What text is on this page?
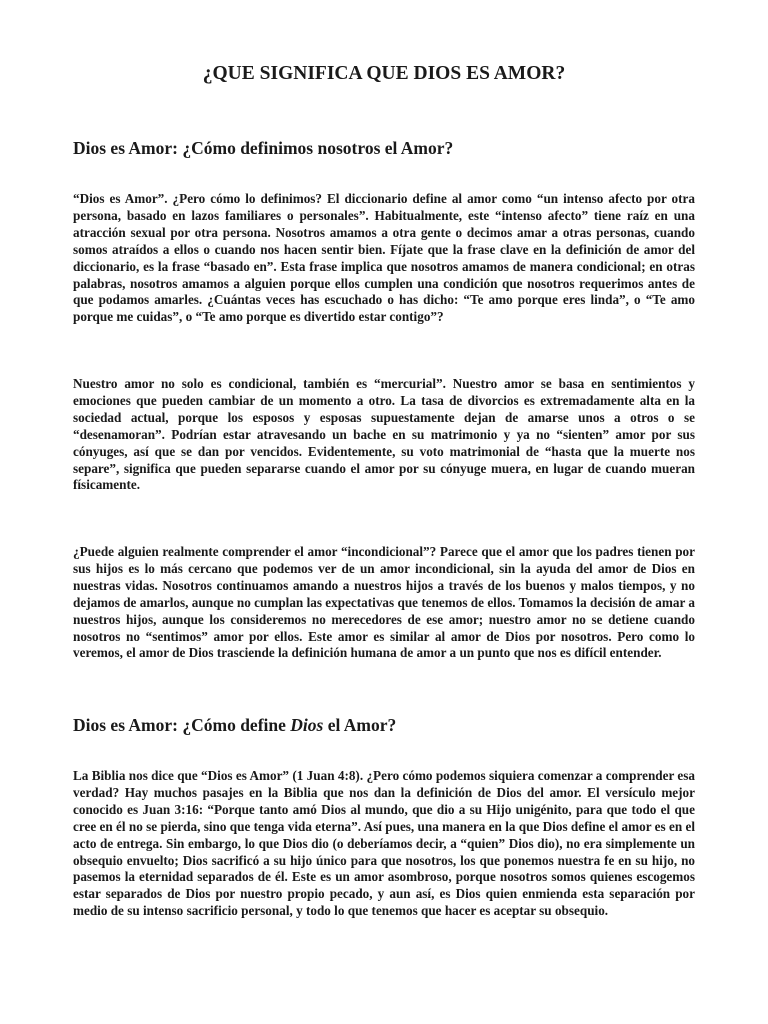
¿QUE SIGNIFICA QUE DIOS ES AMOR?
Dios es Amor: ¿Cómo definimos nosotros el Amor?

“Dios es Amor”. ¿Pero cómo lo definimos? El diccionario define al amor como “un intenso afecto por otra persona, basado en lazos familiares o personales”. Habitualmente, este “intenso afecto” tiene raíz en una atracción sexual por otra persona. Nosotros amamos a otra gente o decimos amar a otras personas, cuando somos atraídos a ellos o cuando nos hacen sentir bien. Fíjate que la frase clave en la definición de amor del diccionario, es la frase “basado en”. Esta frase implica que nosotros amamos de manera condicional; en otras palabras, nosotros amamos a alguien porque ellos cumplen una condición que nosotros requerimos antes de que podamos amarles. ¿Cuántas veces has escuchado o has dicho: “Te amo porque eres linda”, o “Te amo porque me cuidas”, o “Te amo porque es divertido estar contigo”?

Nuestro amor no solo es condicional, también es “mercurial”. Nuestro amor se basa en sentimientos y emociones que pueden cambiar de un momento a otro. La tasa de divorcios es extremadamente alta en la sociedad actual, porque los esposos y esposas supuestamente dejan de amarse unos a otros o se “desenamoran”. Podrían estar atravesando un bache en su matrimonio y ya no “sienten” amor por sus cónyuges, así que se dan por vencidos. Evidentemente, su voto matrimonial de “hasta que la muerte nos separe”, significa que pueden separarse cuando el amor por su cónyuge muera, en lugar de cuando mueran físicamente.

¿Puede alguien realmente comprender el amor “incondicional”? Parece que el amor que los padres tienen por sus hijos es lo más cercano que podemos ver de un amor incondicional, sin la ayuda del amor de Dios en nuestras vidas. Nosotros continuamos amando a nuestros hijos a través de los buenos y malos tiempos, y no dejamos de amarlos, aunque no cumplan las expectativas que tenemos de ellos. Tomamos la decisión de amar a nuestros hijos, aunque los consideremos no merecedores de ese amor; nuestro amor no se detiene cuando nosotros no “sentimos” amor por ellos. Este amor es similar al amor de Dios por nosotros. Pero como lo veremos, el amor de Dios trasciende la definición humana de amor a un punto que nos es difícil entender.

Dios es Amor: ¿Cómo define Dios el Amor?

La Biblia nos dice que “Dios es Amor” (1 Juan 4:8). ¿Pero cómo podemos siquiera comenzar a comprender esa verdad? Hay muchos pasajes en la Biblia que nos dan la definición de Dios del amor. El versículo mejor conocido es Juan 3:16: “Porque tanto amó Dios al mundo, que dio a su Hijo unigénito, para que todo el que cree en él no se pierda, sino que tenga vida eterna”. Así pues, una manera en la que Dios define el amor es en el acto de entrega. Sin embargo, lo que Dios dio (o deberíamos decir, a “quien” Dios dio), no era simplemente un obsequio envuelto; Dios sacrificó a su hijo único para que nosotros, los que ponemos nuestra fe en su hijo, no pasemos la eternidad separados de él. Este es un amor asombroso, porque nosotros somos quienes escogemos estar separados de Dios por nuestro propio pecado, y aun así, es Dios quien enmienda esta separación por medio de su intenso sacrificio personal, y todo lo que tenemos que hacer es aceptar su obsequio.
